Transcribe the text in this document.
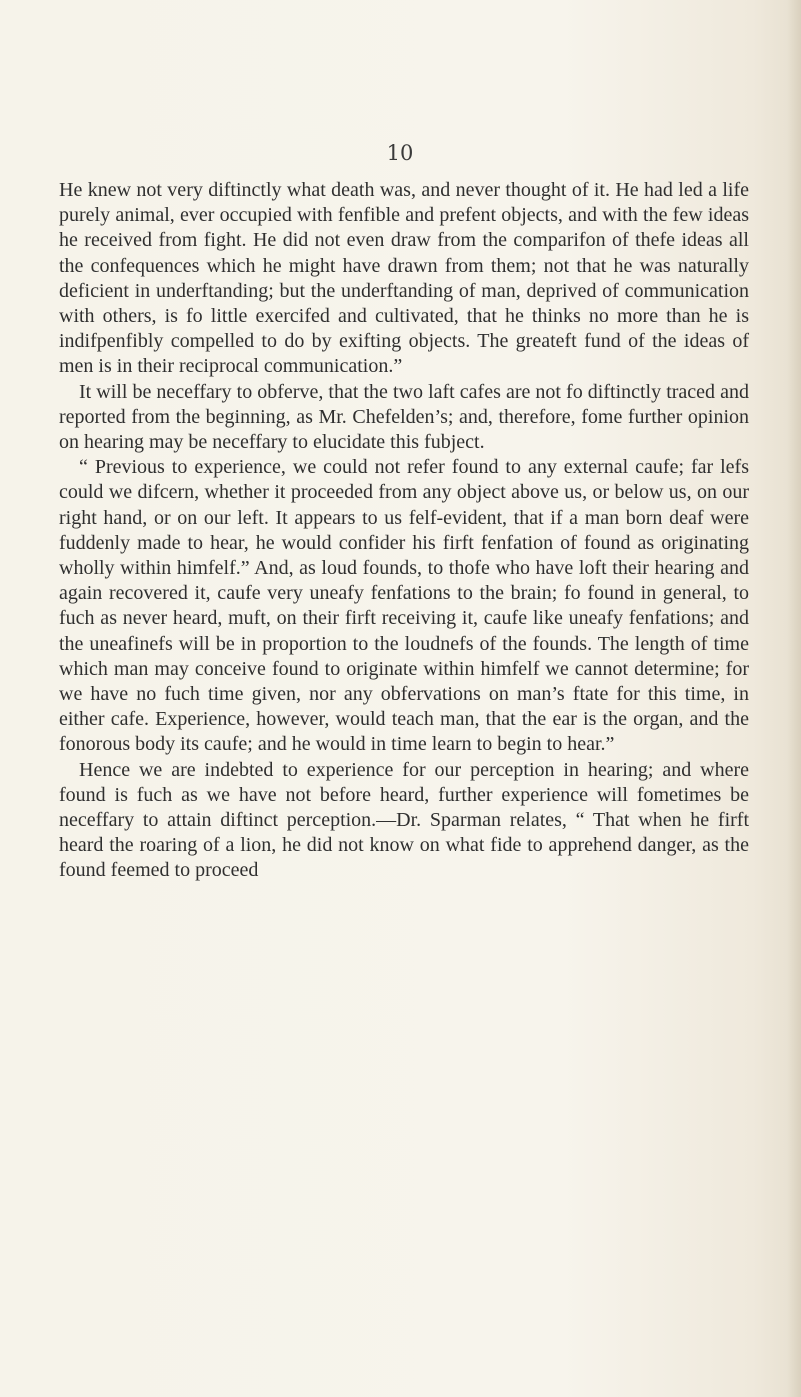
10

He knew not very diftinctly what death was, and never thought of it. He had led a life purely animal, ever occupied with fenfible and prefent objects, and with the few ideas he received from fight. He did not even draw from the comparifon of thefe ideas all the confequences which he might have drawn from them; not that he was naturally deficient in underftanding; but the underftanding of man, deprived of communication with others, is fo little exercifed and cultivated, that he thinks no more than he is indifpenfibly compelled to do by exifting objects. The greateft fund of the ideas of men is in their reciprocal communication.”

It will be neceffary to obferve, that the two laft cafes are not fo diftinctly traced and reported from the beginning, as Mr. Chefelden’s; and, therefore, fome further opinion on hearing may be neceffary to elucidate this fubject.

“ Previous to experience, we could not refer found to any external caufe; far lefs could we difcern, whether it proceeded from any object above us, or below us, on our right hand, or on our left. It appears to us felf-evident, that if a man born deaf were fuddenly made to hear, he would confider his firft fenfation of found as originating wholly within himfelf.” And, as loud founds, to thofe who have loft their hearing and again recovered it, caufe very uneafy fenfations to the brain; fo found in general, to fuch as never heard, muft, on their firft receiving it, caufe like uneafy fenfations; and the uneafinefs will be in proportion to the loudnefs of the founds. The length of time which man may conceive found to originate within himfelf we cannot determine; for we have no fuch time given, nor any obfervations on man’s ftate for this time, in either cafe. Experience, however, would teach man, that the ear is the organ, and the fonorous body its caufe; and he would in time learn to begin to hear.”

Hence we are indebted to experience for our perception in hearing; and where found is fuch as we have not before heard, further experience will fometimes be neceffary to attain diftinct perception.—Dr. Sparman relates, “ That when he firft heard the roaring of a lion, he did not know on what fide to apprehend danger, as the found feemed to proceed
